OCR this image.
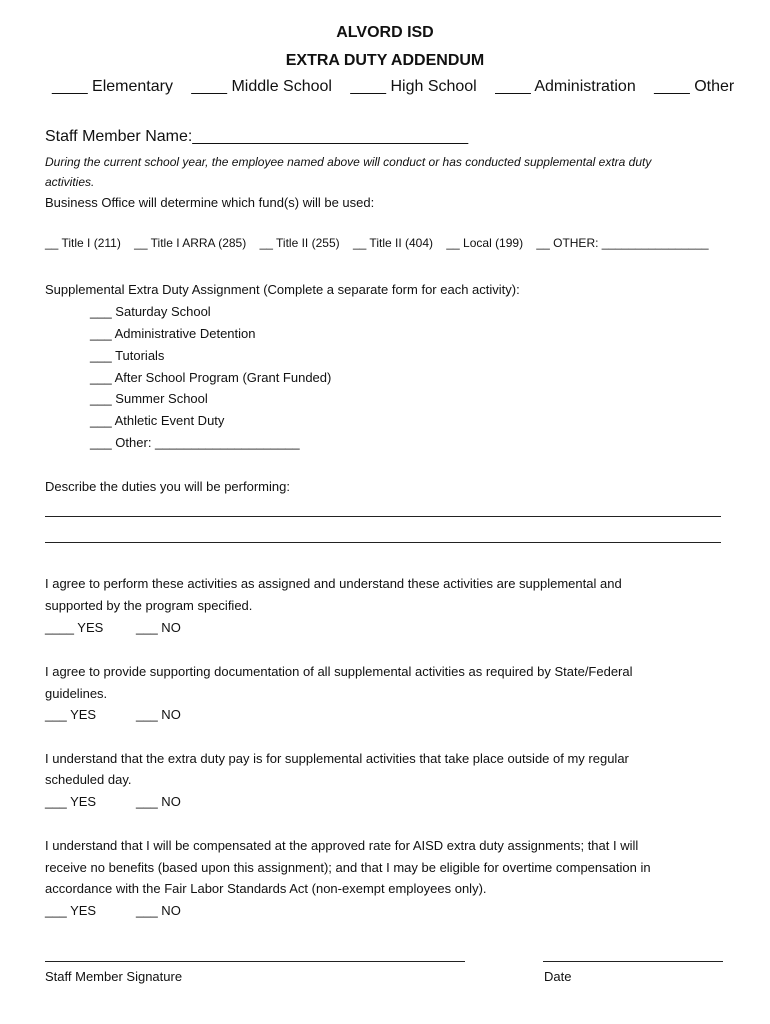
ALVORD ISD
EXTRA DUTY ADDENDUM
____ Elementary ____ Middle School ____ High School ____ Administration ____ Other
Staff Member Name:_______________________________
During the current school year, the employee named above will conduct or has conducted supplemental extra duty
activities.
Business Office will determine which fund(s) will be used:
__ Title I (211) __ Title I ARRA (285) __ Title II (255) __ Title II (404) __ Local (199) __ OTHER: ________________
Supplemental Extra Duty Assignment (Complete a separate form for each activity):
___ Saturday School
___ Administrative Detention
___ Tutorials
___ After School Program (Grant Funded)
___ Summer School
___ Athletic Event Duty
___ Other: ____________________
Describe the duties you will be performing:
I agree to perform these activities as assigned and understand these activities are supplemental and
supported by the program specified.
____ YES	___ NO
I agree to provide supporting documentation of all supplemental activities as required by State/Federal
guidelines.
___ YES	___ NO
I understand that the extra duty pay is for supplemental activities that take place outside of my regular
scheduled day.
___ YES	___ NO
I understand that I will be compensated at the approved rate for AISD extra duty assignments; that I will
receive no benefits (based upon this assignment); and that I may be eligible for overtime compensation in
accordance with the Fair Labor Standards Act (non-exempt employees only).
___ YES	___ NO
Staff Member Signature	Date
